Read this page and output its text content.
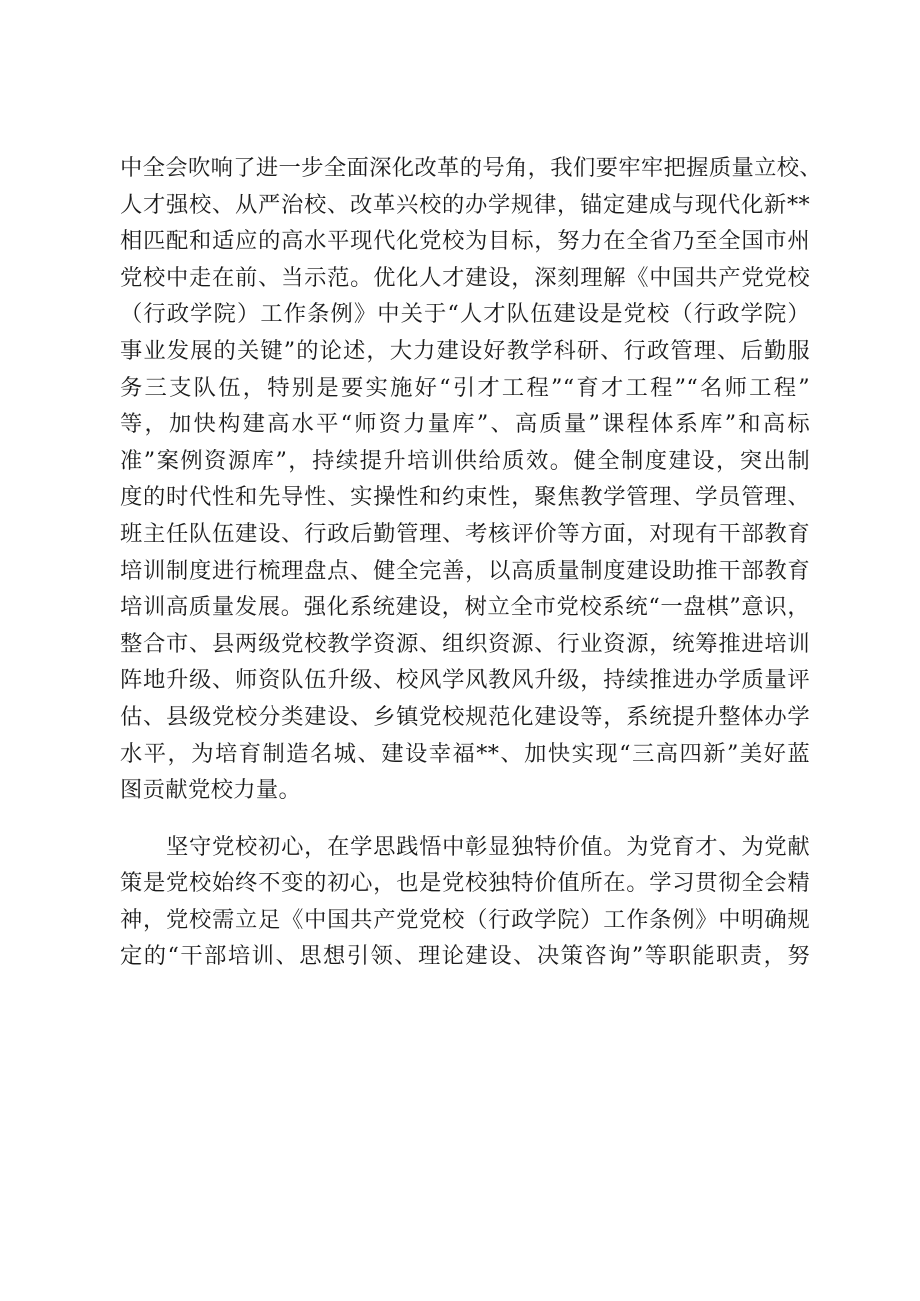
中全会吹响了进一步全面深化改革的号角，我们要牢牢把握质量立校、
人才强校、从严治校、改革兴校的办学规律，锚定建成与现代化新**
相匹配和适应的高水平现代化党校为目标，努力在全省乃至全国市州
党校中走在前、当示范。优化人才建设，深刻理解《中国共产党党校
（行政学院）工作条例》中关于“人才队伍建设是党校（行政学院）
事业发展的关键”的论述，大力建设好教学科研、行政管理、后勤服
务三支队伍，特别是要实施好“引才工程”“育才工程”“名师工程”
等，加快构建高水平“师资力量库”、高质量”课程体系库”和高标
准”案例资源库”，持续提升培训供给质效。健全制度建设，突出制
度的时代性和先导性、实操性和约束性，聚焦教学管理、学员管理、
班主任队伍建设、行政后勤管理、考核评价等方面，对现有干部教育
培训制度进行梳理盘点、健全完善，以高质量制度建设助推干部教育
培训高质量发展。强化系统建设，树立全市党校系统“一盘棋”意识，
整合市、县两级党校教学资源、组织资源、行业资源，统筹推进培训
阵地升级、师资队伍升级、校风学风教风升级，持续推进办学质量评
估、县级党校分类建设、乡镇党校规范化建设等，系统提升整体办学
水平，为培育制造名城、建设幸福**、加快实现“三高四新”美好蓝
图贡献党校力量。
坚守党校初心，在学思践悟中彰显独特价值。为党育才、为党献
策是党校始终不变的初心，也是党校独特价值所在。学习贯彻全会精
神，党校需立足《中国共产党党校（行政学院）工作条例》中明确规
定的“干部培训、思想引领、理论建设、决策咨询”等职能职责，努
